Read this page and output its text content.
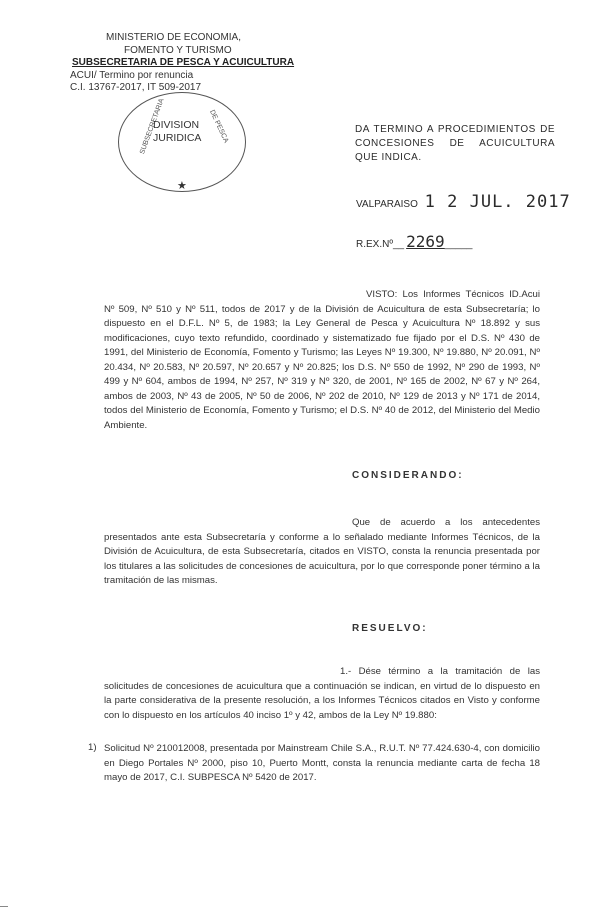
MINISTERIO DE ECONOMIA,
FOMENTO Y TURISMO
SUBSECRETARIA DE PESCA Y ACUICULTURA
ACUI/ Termino por renuncia
C.I. 13767-2017, IT 509-2017
SUBSECRETARIA	DE PESCA
DIVISION
JURIDICA
★
DA TERMINO A PROCEDIMIENTOS DE CONCESIONES DE ACUICULTURA QUE INDICA.
VALPARAISO 1 2 JUL. 2017
R.EX.Nº__ 2269_____
VISTO: Los Informes Técnicos ID.Acui Nº 509, Nº 510 y Nº 511, todos de 2017 y de la División de Acuicultura de esta Subsecretaría; lo dispuesto en el D.F.L. Nº 5, de 1983; la Ley General de Pesca y Acuicultura Nº 18.892 y sus modificaciones, cuyo texto refundido, coordinado y sistematizado fue fijado por el D.S. Nº 430 de 1991, del Ministerio de Economía, Fomento y Turismo; las Leyes Nº 19.300, Nº 19.880, Nº 20.091, Nº 20.434, Nº 20.583, Nº 20.597, Nº 20.657 y Nº 20.825; los D.S. Nº 550 de 1992, Nº 290 de 1993, Nº 499 y Nº 604, ambos de 1994, Nº 257, Nº 319 y Nº 320, de 2001, Nº 165 de 2002, Nº 67 y Nº 264, ambos de 2003, Nº 43 de 2005, Nº 50 de 2006, Nº 202 de 2010, Nº 129 de 2013 y Nº 171 de 2014, todos del Ministerio de Economía, Fomento y Turismo; el D.S. Nº 40 de 2012, del Ministerio del Medio Ambiente.
CONSIDERANDO:
Que de acuerdo a los antecedentes presentados ante esta Subsecretaría y conforme a lo señalado mediante Informes Técnicos, de la División de Acuicultura, de esta Subsecretaría, citados en VISTO, consta la renuncia presentada por los titulares a las solicitudes de concesiones de acuicultura, por lo que corresponde poner término a la tramitación de las mismas.
RESUELVO:
1.- Dése término a la tramitación de las solicitudes de concesiones de acuicultura que a continuación se indican, en virtud de lo dispuesto en la parte considerativa de la presente resolución, a los Informes Técnicos citados en Visto y conforme con lo dispuesto en los artículos 40 inciso 1º y 42, ambos de la Ley Nº 19.880:
1) Solicitud Nº 210012008, presentada por Mainstream Chile S.A., R.U.T. Nº 77.424.630-4, con domicilio en Diego Portales Nº 2000, piso 10, Puerto Montt, consta la renuncia mediante carta de fecha 18 mayo de 2017, C.I. SUBPESCA Nº 5420 de 2017.
